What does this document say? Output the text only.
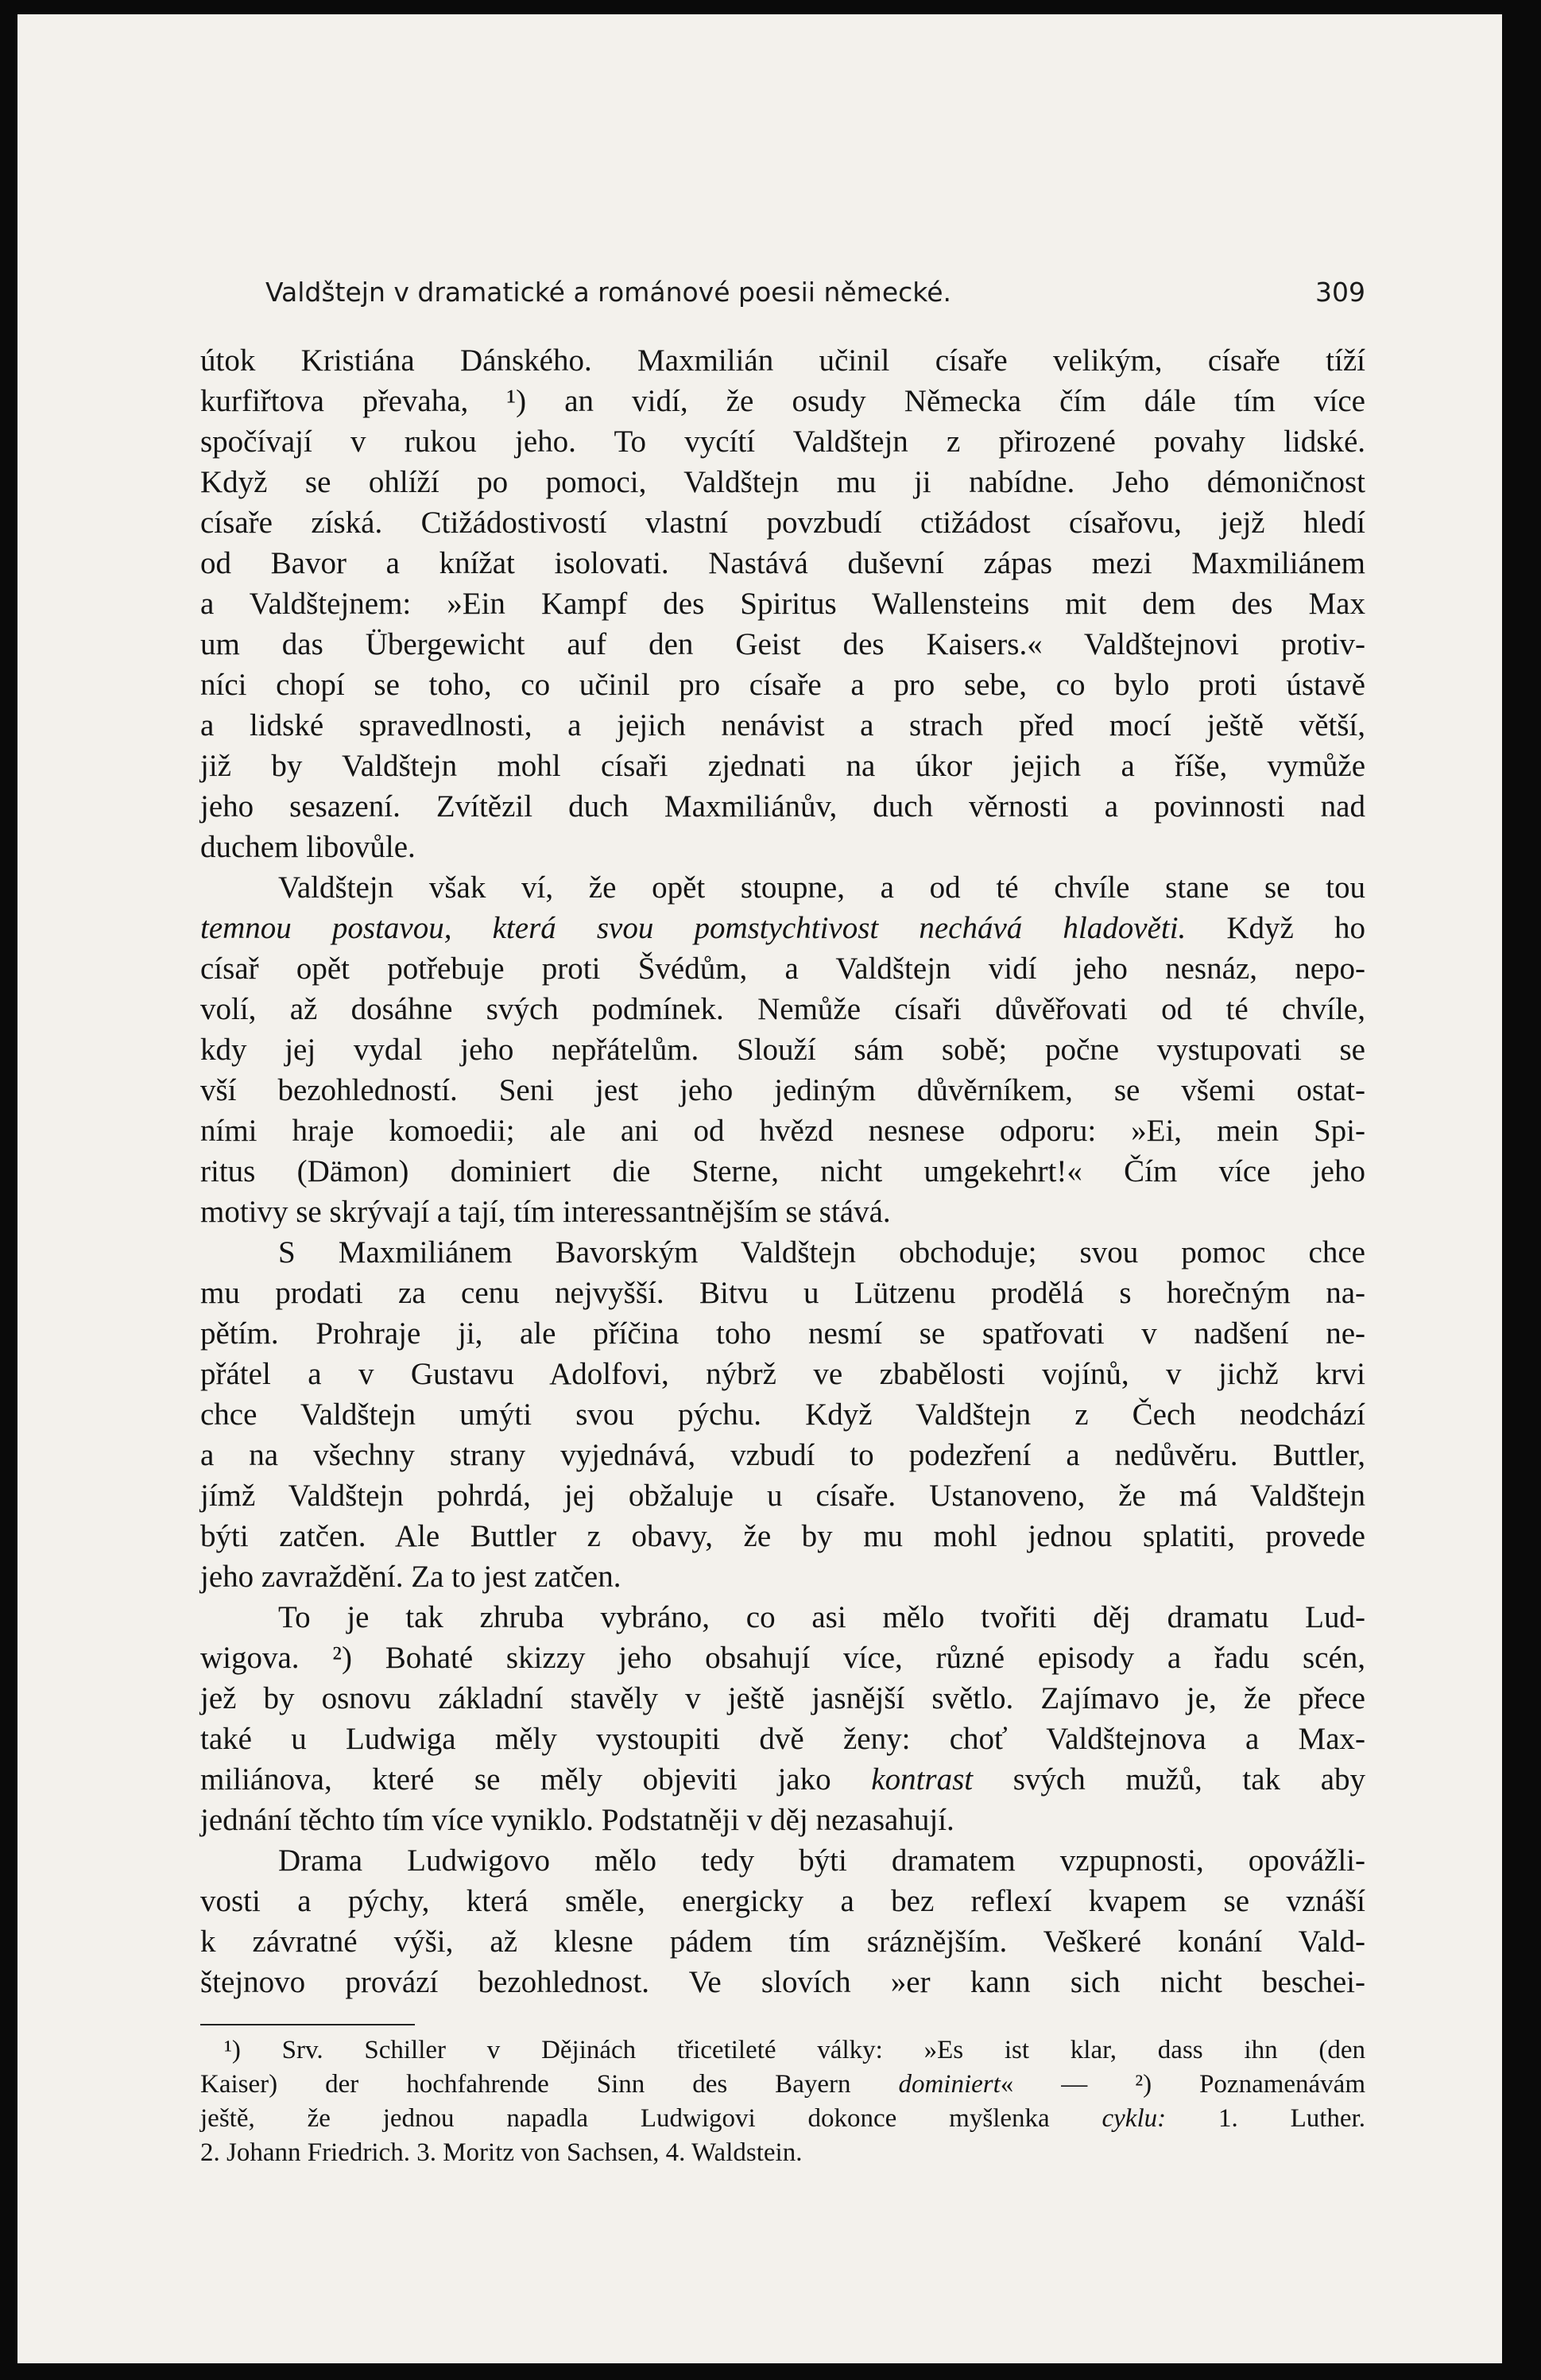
Valdštejn v dramatické a románové poesii německé.	309
útok Kristiána Dánského. Maxmilián učinil císaře velikým, císaře tíží
kurfiřtova převaha, ¹) an vidí, že osudy Německa čím dále tím více
spočívají v rukou jeho. To vycítí Valdštejn z přirozené povahy lidské.
Když se ohlíží po pomoci, Valdštejn mu ji nabídne. Jeho démoničnost
císaře získá. Ctižádostivostí vlastní povzbudí ctižádost císařovu, jejž hledí
od Bavor a knížat isolovati. Nastává duševní zápas mezi Maxmiliánem
a Valdštejnem: »Ein Kampf des Spiritus Wallensteins mit dem des Max
um das Übergewicht auf den Geist des Kaisers.« Valdštejnovi protiv-
níci chopí se toho, co učinil pro císaře a pro sebe, co bylo proti ústavě
a lidské spravedlnosti, a jejich nenávist a strach před mocí ještě větší,
již by Valdštejn mohl císaři zjednati na úkor jejich a říše, vymůže
jeho sesazení. Zvítězil duch Maxmiliánův, duch věrnosti a povinnosti nad
duchem libovůle.
Valdštejn však ví, že opět stoupne, a od té chvíle stane se tou
temnou postavou, která svou pomstychtivost nechává hladověti. Když ho
císař opět potřebuje proti Švédům, a Valdštejn vidí jeho nesnáz, nepo-
volí, až dosáhne svých podmínek. Nemůže císaři důvěřovati od té chvíle,
kdy jej vydal jeho nepřátelům. Slouží sám sobě; počne vystupovati se
vší bezohledností. Seni jest jeho jediným důvěrníkem, se všemi ostat-
ními hraje komoedii; ale ani od hvězd nesnese odporu: »Ei, mein Spi-
ritus (Dämon) dominiert die Sterne, nicht umgekehrt!« Čím více jeho
motivy se skrývají a tají, tím interessantnějším se stává.
S Maxmiliánem Bavorským Valdštejn obchoduje; svou pomoc chce
mu prodati za cenu nejvyšší. Bitvu u Lützenu prodělá s horečným na-
pětím. Prohraje ji, ale příčina toho nesmí se spatřovati v nadšení ne-
přátel a v Gustavu Adolfovi, nýbrž ve zbabělosti vojínů, v jichž krvi
chce Valdštejn umýti svou pýchu. Když Valdštejn z Čech neodchází
a na všechny strany vyjednává, vzbudí to podezření a nedůvěru. Buttler,
jímž Valdštejn pohrdá, jej obžaluje u císaře. Ustanoveno, že má Valdštejn
býti zatčen. Ale Buttler z obavy, že by mu mohl jednou splatiti, provede
jeho zavraždění. Za to jest zatčen.
To je tak zhruba vybráno, co asi mělo tvořiti děj dramatu Lud-
wigova. ²) Bohaté skizzy jeho obsahují více, různé episody a řadu scén,
jež by osnovu základní stavěly v ještě jasnější světlo. Zajímavo je, že přece
také u Ludwiga měly vystoupiti dvě ženy: choť Valdštejnova a Max-
miliánova, které se měly objeviti jako kontrast svých mužů, tak aby
jednání těchto tím více vyniklo. Podstatněji v děj nezasahují.
Drama Ludwigovo mělo tedy býti dramatem vzpupnosti, opovážli-
vosti a pýchy, která směle, energicky a bez reflexí kvapem se vznáší
k závratné výši, až klesne pádem tím sráznějším. Veškeré konání Vald-
štejnovo provází bezohlednost. Ve slovích »er kann sich nicht beschei-
¹) Srv. Schiller v Dějinách třicetileté války: »Es ist klar, dass ihn (den
Kaiser) der hochfahrende Sinn des Bayern dominiert« — ²) Poznamenávám
ještě, že jednou napadla Ludwigovi dokonce myšlenka cyklu: 1. Luther.
2. Johann Friedrich. 3. Moritz von Sachsen, 4. Waldstein.
